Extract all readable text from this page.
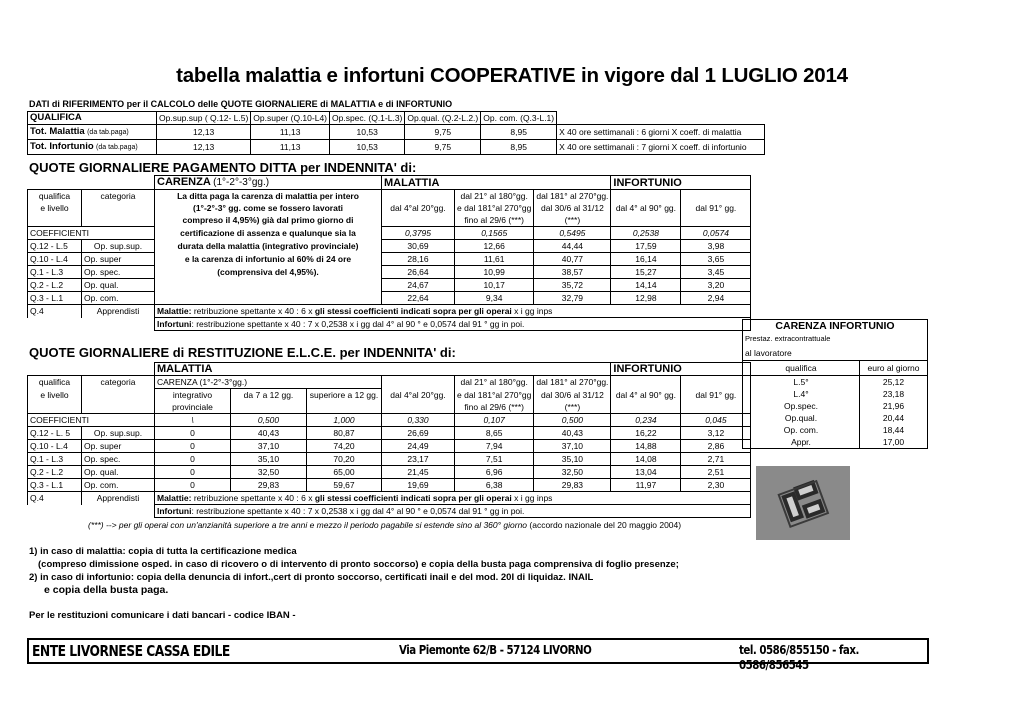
tabella malattia e infortuni COOPERATIVE in vigore dal 1 LUGLIO 2014
DATI di RIFERIMENTO per il CALCOLO delle QUOTE GIORNALIERE di MALATTIA e di INFORTUNIO
QUALIFICA	Op.sup.sup ( Q.12- L.5)	Op.super (Q.10-L4)	Op.spec. (Q.1-L.3)	Op.qual. (Q.2-L.2.)	Op. com. (Q.3-L.1)	
Tot. Malattia (da tab.paga)	12,13	11,13	10,53	9,75	8,95	X 40 ore settimanali : 6 giorni X coeff. di malattia
Tot. Infortunio (da tab.paga)	12,13	11,13	10,53	9,75	8,95	X 40 ore settimanali : 7 giorni X coeff. di infortunio
QUOTE GIORNALIERE PAGAMENTO DITTA per INDENNITA' di:
		CARENZA (1°-2°-3°gg.)	MALATTIA			INFORTUNIO	
qualifica	categoria	La ditta paga la carenza di malattia per intero		dal 21° al 180°gg.	dal 181° al 270°gg.		
e livello		(1°-2°-3° gg. come se fossero lavorati	dal 4°al 20°gg.	e dal 181°al 270°gg	dal 30/6 al 31/12	dal 4° al 90° gg.	dal 91° gg.
		compreso il 4,95%) già dal primo giorno di		fino al 29/6 (***)	(***)		
COEFFICIENTI		certificazione di assenza e qualunque sia la	0,3795	0,1565	0,5495	0,2538	0,0574
Q.12 - L.5	Op. sup.sup.	durata della malattia (integrativo provinciale)	30,69	12,66	44,44	17,59	3,98
Q.10 - L.4	Op. super	e la carenza di infortunio al 60% di 24 ore	28,16	11,61	40,77	16,14	3,65
Q.1 - L.3	Op. spec.	(comprensiva del 4,95%).	26,64	10,99	38,57	15,27	3,45
Q.2 - L.2	Op. qual.		24,67	10,17	35,72	14,14	3,20
Q.3 - L.1	Op. com.		22,64	9,34	32,79	12,98	2,94
Q.4	Apprendisti	Malattie: retribuzione spettante x 40 : 6 x gli stessi coefficienti indicati sopra per gli operai x i gg inps					
		Infortuni: restribuzione spettante x 40 : 7 x 0,2538 x i gg dal 4° al 90 ° e 0,0574 dal 91 ° gg in poi.					
QUOTE GIORNALIERE di RESTITUZIONE E.L.C.E. per INDENNITA' di:
		MALATTIA						INFORTUNIO	
qualifica	categoria	CARENZA (1°-2°-3°gg.)				dal 21° al 180°gg.	dal 181° al 270°gg.		
e livello		integrativo	da 7 a 12 gg.	superiore a 12 gg.	dal 4°al 20°gg.	e dal 181°al 270°gg	dal 30/6 al 31/12	dal 4° al 90° gg.	dal 91° gg.
		provinciale				fino al 29/6 (***)	(***)		
COEFFICIENTI		\	0,500	1,000	0,330	0,107	0,500	0,234	0,045
Q.12 - L. 5	Op. sup.sup.	0	40,43	80,87	26,69	8,65	40,43	16,22	3,12
Q.10 - L.4	Op. super	0	37,10	74,20	24,49	7,94	37,10	14,88	2,86
Q.1 - L.3	Op. spec.	0	35,10	70,20	23,17	7,51	35,10	14,08	2,71
Q.2 - L.2	Op. qual.	0	32,50	65,00	21,45	6,96	32,50	13,04	2,51
Q.3 - L.1	Op. com.	0	29,83	59,67	19,69	6,38	29,83	11,97	2,30
Q.4	Apprendisti	Malattie: retribuzione spettante x 40 : 6 x gli stessi coefficienti indicati sopra per gli operai x i gg inps							
		Infortuni: restribuzione spettante x 40 : 7 x 0,2538 x i gg dal 4° al 90 ° e 0,0574 dal 91 ° gg in poi.							
(***) --> per gli operai con un'anzianità superiore a tre anni e mezzo il periodo pagabile si estende sino al 360° giorno (accordo nazionale del 20 maggio 2004)
CARENZA INFORTUNIO	
Prestaz. extracontrattuale	
al lavoratore	
qualifica	euro al giorno
L.5°	25,12
L.4°	23,18
Op.spec.	21,96
Op.qual.	20,44
Op. com.	18,44
Appr.	17,00
1) in caso di malattia: copia di tutta la certificazione medica
(compreso dimissione osped. in caso di ricovero o di intervento di pronto soccorso) e copia della busta paga comprensiva di foglio presenze;
2) in caso di infortunio: copia della denuncia di infort.,cert di pronto soccorso, certificati inail e del mod. 20I di liquidaz. INAIL
e copia della busta paga.
Per le restituzioni comunicare i dati bancari - codice IBAN -
ENTE LIVORNESE CASSA EDILE	Via Piemonte 62/B - 57124 LIVORNO	tel. 0586/855150 - fax. 0586/856545
